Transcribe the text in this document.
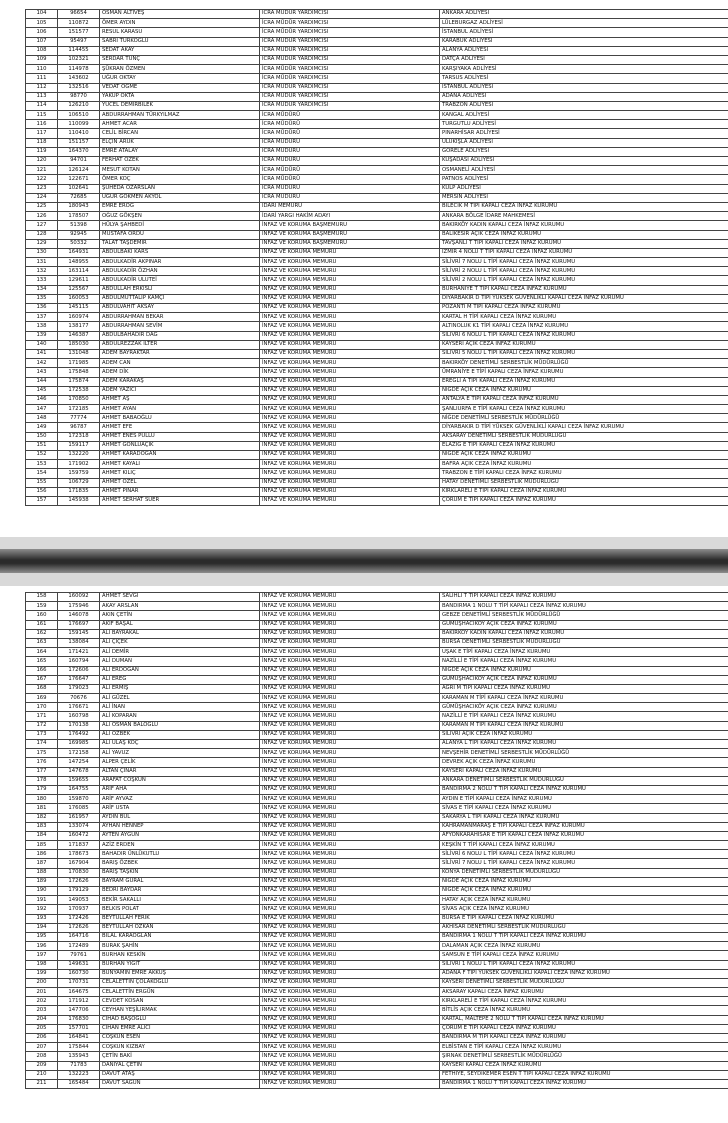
104	96654	OSMAN ALTIVEŞ	İCRA MÜDÜR YARDIMCISI	ANKARA ADLİYESİ
105	110872	ÖMER AYDIN	İCRA MÜDÜR YARDIMCISI	LÜLEBURGAZ ADLİYESİ
106	151577	RESUL KARASU	İCRA MÜDÜR YARDIMCISI	İSTANBUL ADLİYESİ
107	95497	SABRİ TÜRKOĞLU	İCRA MÜDÜR YARDIMCISI	KARABÜK ADLİYESİ
108	114455	SEDAT AKAY	İCRA MÜDÜR YARDIMCISI	ALANYA ADLİYESİ
109	102321	SERDAR TUNÇ	İCRA MÜDÜR YARDIMCISI	DATÇA ADLİYESİ
110	114978	ŞÜKRAN ÖZMEN	İCRA MÜDÜR YARDIMCISI	KARŞIYAKA ADLİYESİ
111	143602	UĞUR OKTAY	İCRA MÜDÜR YARDIMCISI	TARSUS ADLİYESİ
112	132516	VEDAT ÖĞME	İCRA MÜDÜR YARDIMCISI	İSTANBUL ADLİYESİ
113	98770	YAKUP OKTA	İCRA MÜDÜR YARDIMCISI	ADANA ADLİYESİ
114	126210	YÜCEL DEMİRBİLEK	İCRA MÜDÜR YARDIMCISI	TRABZON ADLİYESİ
115	106510	ABDURRAHMAN TÜRKYILMAZ	İCRA MÜDÜRÜ	KANGAL ADLİYESİ
116	110099	AHMET ACAR	İCRA MÜDÜRÜ	TURGUTLU ADLİYESİ
117	110410	CELİL BİRCAN	İCRA MÜDÜRÜ	PINARHİSAR ADLİYESİ
118	151157	ELÇİN ARUK	İCRA MÜDÜRÜ	ULUKIŞLA ADLİYESİ
119	164370	EMRE ATALAY	İCRA MÜDÜRÜ	GÖRELE ADLİYESİ
120	94701	FERHAT ÖZEK	İCRA MÜDÜRÜ	KUŞADASI ADLİYESİ
121	126124	MESUT KOTAN	İCRA MÜDÜRÜ	OSMANELİ ADLİYESİ
122	122671	ÖMER KOÇ	İCRA MÜDÜRÜ	PATNOS ADLİYESİ
123	102641	ŞÜHEDA ÖZARSLAN	İCRA MÜDÜRÜ	KULP ADLİYESİ
124	72685	UĞUR GÖKMEN AKYOL	İCRA MÜDÜRÜ	MERSİN ADLİYESİ
125	180943	EMRE EROĞ	İDARİ MEMURU	BİLECİK M TİPİ KAPALI CEZA İNFAZ KURUMU
126	178507	OĞUZ GÖKŞEN	İDARİ YARGI HAKİM ADAYI	ANKARA BÖLGE İDARE MAHKEMESİ
127	51398	HÜLYA ŞAHBEDİ	İNFAZ VE KORUMA BAŞMEMURU	BAKIRKÖY KADIN KAPALI CEZA İNFAZ KURUMU
128	92945	MUSTAFA ORDU	İNFAZ VE KORUMA BAŞMEMURU	BALIKESİR AÇIK CEZA İNFAZ KURUMU
129	50332	TALAT TAŞDEMİR	İNFAZ VE KORUMA BAŞMEMURU	TAVŞANLI T TİPİ KAPALI CEZA İNFAZ KURUMU
130	164931	ABDULBAKİ KARS	İNFAZ VE KORUMA MEMURU	İZMİR 4 NOLU T TİPİ KAPALI CEZA İNFAZ KURUMU
131	148955	ABDULKADİR AKPINAR	İNFAZ VE KORUMA MEMURU	SİLİVRİ 7 NOLU L TİPİ KAPALI CEZA İNFAZ KURUMU
132	163114	ABDULKADİR ÖZHAN	İNFAZ VE KORUMA MEMURU	SİLİVRİ 2 NOLU L TİPİ KAPALI CEZA İNFAZ KURUMU
133	129611	ABDULKADİR ULUTEİ	İNFAZ VE KORUMA MEMURU	SİLİVRİ 2 NOLU L TİPİ KAPALI CEZA İNFAZ KURUMU
134	125567	ABDULLAH ERKİSLİ	İNFAZ VE KORUMA MEMURU	BURHANİYE T TİPİ KAPALI CEZA İNFAZ KURUMU
135	160053	ABDULMUTTALİP KAMÇI	İNFAZ VE KORUMA MEMURU	DİYARBAKIR D TİPİ YÜKSEK GÜVENLİKLİ KAPALI CEZA İNFAZ KURUMU
136	145115	ABDULVAHİT AKSAY	İNFAZ VE KORUMA MEMURU	POZANTI M TİPİ KAPALI CEZA İNFAZ KURUMU
137	160974	ABDURRAHMAN BEKAR	İNFAZ VE KORUMA MEMURU	KARTAL H TİPİ KAPALI CEZA İNFAZ KURUMU
138	138177	ABDURRAHMAN SEVİM	İNFAZ VE KORUMA MEMURU	ALTINOLUK K1 TİPİ KAPALI CEZA İNFAZ KURUMU
139	146387	ABDÜLBAHADIR DAĞ	İNFAZ VE KORUMA MEMURU	SİLİVRİ 6 NOLU L TİPİ KAPALI CEZA İNFAZ KURUMU
140	185030	ABDÜLREZZAK İLTER	İNFAZ VE KORUMA MEMURU	KAYSERİ AÇIK CEZA İNFAZ KURUMU
141	131048	ADEM BAYRAKTAR	İNFAZ VE KORUMA MEMURU	SİLİVRİ 5 NOLU L TİPİ KAPALI CEZA İNFAZ KURUMU
142	171985	ADEM CAN	İNFAZ VE KORUMA MEMURU	BAKIRKÖY DENETİMLİ SERBESTLİK MÜDÜRLÜĞÜ
143	175848	ADEM DİK	İNFAZ VE KORUMA MEMURU	ÜMRANİYE E TİPİ KAPALI CEZA İNFAZ KURUMU
144	175874	ADEM KARAKAŞ	İNFAZ VE KORUMA MEMURU	EREĞLİ A TİPİ KAPALI CEZA İNFAZ KURUMU
145	172538	ADEM YAZICI	İNFAZ VE KORUMA MEMURU	NİĞDE AÇIK CEZA İNFAZ KURUMU
146	170850	AHMET AŞ	İNFAZ VE KORUMA MEMURU	ANTALYA E TİPİ KAPALI CEZA İNFAZ KURUMU
147	172185	AHMET AYAN	İNFAZ VE KORUMA MEMURU	ŞANLIURFA E TİPİ KAPALI CEZA İNFAZ KURUMU
148	77774	AHMET BABAOĞLU	İNFAZ VE KORUMA MEMURU	NİĞDE DENETİMLİ SERBESTLİK MÜDÜRLÜĞÜ
149	96787	AHMET EFE	İNFAZ VE KORUMA MEMURU	DİYARBAKIR D TİPİ YÜKSEK GÜVENLİKLİ KAPALI CEZA İNFAZ KURUMU
150	172318	AHMET ENES PULLU	İNFAZ VE KORUMA MEMURU	AKSARAY DENETİMLİ SERBESTLİK MÜDÜRLÜĞÜ
151	159117	AHMET GÖNLÜAÇIK	İNFAZ VE KORUMA MEMURU	ELAZIĞ E TİPİ KAPALI CEZA İNFAZ KURUMU
152	132220	AHMET KARADOĞAN	İNFAZ VE KORUMA MEMURU	NİĞDE AÇIK CEZA İNFAZ KURUMU
153	171902	AHMET KAYALI	İNFAZ VE KORUMA MEMURU	BAFRA AÇIK CEZA İNFAZ KURUMU
154	159759	AHMET KILIÇ	İNFAZ VE KORUMA MEMURU	TRABZON E TİPİ KAPALI CEZA İNFAZ KURUMU
155	106729	AHMET ÖZEL	İNFAZ VE KORUMA MEMURU	HATAY DENETİMLİ SERBESTLİK MÜDÜRLÜĞÜ
156	171835	AHMET PINAR	İNFAZ VE KORUMA MEMURU	KIRKLARELİ E TİPİ KAPALI CEZA İNFAZ KURUMU
157	145938	AHMET SERHAT SÜER	İNFAZ VE KORUMA MEMURU	ÇORUM E TİPİ KAPALI CEZA İNFAZ KURUMU
158	160092	AHMET SEVGİ	İNFAZ VE KORUMA MEMURU	SALİHLİ T TİPİ KAPALI CEZA İNFAZ KURUMU
159	175946	AKAY ARSLAN	İNFAZ VE KORUMA MEMURU	BANDIRMA 1 NOLU T TİPİ KAPALI CEZA İNFAZ KURUMU
160	146078	AKIN ÇETİN	İNFAZ VE KORUMA MEMURU	GEBZE DENETİMLİ SERBESTLİK MÜDÜRLÜĞÜ
161	176697	AKİF BAŞAL	İNFAZ VE KORUMA MEMURU	GÜMÜŞHACIKÖY AÇIK CEZA İNFAZ KURUMU
162	159145	ALİ BAYRAKAL	İNFAZ VE KORUMA MEMURU	BAKIRKÖY KADIN KAPALI CEZA İNFAZ KURUMU
163	138084	ALİ ÇİÇEK	İNFAZ VE KORUMA MEMURU	BURSA DENETİMLİ SERBESTLİK MÜDÜRLÜĞÜ
164	171421	ALİ DEMİR	İNFAZ VE KORUMA MEMURU	UŞAK E TİPİ KAPALI CEZA İNFAZ KURUMU
165	160794	ALİ DUMAN	İNFAZ VE KORUMA MEMURU	NAZİLLİ E TİPİ KAPALI CEZA İNFAZ KURUMU
166	172606	ALİ ERDOĞAN	İNFAZ VE KORUMA MEMURU	NİĞDE AÇIK CEZA İNFAZ KURUMU
167	176647	ALİ EREĞ	İNFAZ VE KORUMA MEMURU	GÜMÜŞHACIKÖY AÇIK CEZA İNFAZ KURUMU
168	179023	ALİ ERMİŞ	İNFAZ VE KORUMA MEMURU	AĞRI M TİPİ KAPALI CEZA İNFAZ KURUMU
169	70676	ALİ GÜZEL	İNFAZ VE KORUMA MEMURU	KARAMAN M TİPİ KAPALI CEZA İNFAZ KURUMU
170	176671	ALİ İNAN	İNFAZ VE KORUMA MEMURU	GÜMÜŞHACIKÖY AÇIK CEZA İNFAZ KURUMU
171	160798	ALİ KOPARAN	İNFAZ VE KORUMA MEMURU	NAZİLLİ E TİPİ KAPALI CEZA İNFAZ KURUMU
172	170138	ALİ OSMAN BALOĞLU	İNFAZ VE KORUMA MEMURU	KARAMAN M TİPİ KAPALI CEZA İNFAZ KURUMU
173	176492	ALİ ÖZBEK	İNFAZ VE KORUMA MEMURU	SİLİVRİ AÇIK CEZA İNFAZ KURUMU
174	169985	ALİ ULAŞ KOÇ	İNFAZ VE KORUMA MEMURU	ALANYA L TİPİ KAPALI CEZA İNFAZ KURUMU
175	172158	ALİ YAVUZ	İNFAZ VE KORUMA MEMURU	NEVŞEHİR DENETİMLİ SERBESTLİK MÜDÜRLÜĞÜ
176	147254	ALPER ÇELİK	İNFAZ VE KORUMA MEMURU	DEVREK AÇIK CEZA İNFAZ KURUMU
177	147678	ALTAN ÇINAR	İNFAZ VE KORUMA MEMURU	KAYSERİ KAPALI CEZA İNFAZ KURUMU
178	159655	ARAFAT COŞKUN	İNFAZ VE KORUMA MEMURU	ANKARA DENETİMLİ SERBESTLİK MÜDÜRLÜĞÜ
179	164755	ARİF AHA	İNFAZ VE KORUMA MEMURU	BANDIRMA 2 NOLU T TİPİ KAPALI CEZA İNFAZ KURUMU
180	159870	ARİF AYVAZ	İNFAZ VE KORUMA MEMURU	AYDIN E TİPİ KAPALI CEZA İNFAZ KURUMU
181	176085	ARİF USTA	İNFAZ VE KORUMA MEMURU	SİVAS E TİPİ KAPALI CEZA İNFAZ KURUMU
182	161957	AYDIN BUL	İNFAZ VE KORUMA MEMURU	SAKARYA L TİPİ KAPALI CEZA İNFAZ KURUMU
183	133074	AYHAN HENNEP	İNFAZ VE KORUMA MEMURU	KAHRAMANMARAŞ E TİPİ KAPALI CEZA İNFAZ KURUMU
184	160472	AYTEN AYGÜN	İNFAZ VE KORUMA MEMURU	AFYONKARAHİSAR E TİPİ KAPALI CEZA İNFAZ KURUMU
185	171837	AZİZ ERDEN	İNFAZ VE KORUMA MEMURU	KEŞKİN T TİPİ KAPALI CEZA İNFAZ KURUMU
186	178673	BAHADIR ÜNLÜKUTLU	İNFAZ VE KORUMA MEMURU	SİLİVRİ 6 NOLU L TİPİ KAPALI CEZA İNFAZ KURUMU
187	167904	BARIŞ ÖZBEK	İNFAZ VE KORUMA MEMURU	SİLİVRİ 7 NOLU L TİPİ KAPALI CEZA İNFAZ KURUMU
188	170830	BARIŞ TAŞKIN	İNFAZ VE KORUMA MEMURU	KONYA DENETİMLİ SERBESTLİK MÜDÜRLÜĞÜ
189	172626	BAYRAM GÜRAL	İNFAZ VE KORUMA MEMURU	NİĞDE AÇIK CEZA İNFAZ KURUMU
190	179129	BEDRİ BAYDAR	İNFAZ VE KORUMA MEMURU	NİĞDE AÇIK CEZA İNFAZ KURUMU
191	149053	BEKİR SAKALLI	İNFAZ VE KORUMA MEMURU	HATAY AÇIK CEZA İNFAZ KURUMU
192	170937	BELKIS POLAT	İNFAZ VE KORUMA MEMURU	SİVAS AÇIK CEZA İNFAZ KURUMU
193	172426	BEYTULLAH FERİK	İNFAZ VE KORUMA MEMURU	BURSA E TİPİ KAPALI CEZA İNFAZ KURUMU
194	172626	BEYTULLAH ÖZKAN	İNFAZ VE KORUMA MEMURU	AKHİSAR DENETİMLİ SERBESTLİK MÜDÜRLÜĞÜ
195	164716	BİLAL KARAOĞLAN	İNFAZ VE KORUMA MEMURU	BANDIRMA 1 NOLU T TİPİ KAPALI CEZA İNFAZ KURUMU
196	172489	BURAK ŞAHİN	İNFAZ VE KORUMA MEMURU	DALAMAN AÇIK CEZA İNFAZ KURUMU
197	79761	BURHAN KESKİN	İNFAZ VE KORUMA MEMURU	SAMSUN E TİPİ KAPALI CEZA İNFAZ KURUMU
198	149631	BURHAN YİĞİT	İNFAZ VE KORUMA MEMURU	SİLİVRİ 1 NOLU L TİPİ KAPALI CEZA İNFAZ KURUMU
199	160730	BÜNYAMİN EMRE AKKUŞ	İNFAZ VE KORUMA MEMURU	ADANA F TİPİ YÜKSEK GÜVENLİKLİ KAPALI CEZA İNFAZ KURUMU
200	170731	CELALETTİN ÇOLAKOĞLU	İNFAZ VE KORUMA MEMURU	KAYSERİ DENETİMLİ SERBESTLİK MÜDÜRLÜĞÜ
201	164675	CELALETTİN ERGÜN	İNFAZ VE KORUMA MEMURU	AKSARAY KAPALI CEZA İNFAZ KURUMU
202	171912	CEVDET KOSAN	İNFAZ VE KORUMA MEMURU	KIRKLARELİ E TİPİ KAPALI CEZA İNFAZ KURUMU
203	147706	CEYHAN YEŞİLIRMAK	İNFAZ VE KORUMA MEMURU	BİTLİS AÇIK CEZA İNFAZ KURUMU
204	176830	CİHAD BAŞOĞLU	İNFAZ VE KORUMA MEMURU	KARTAL, MALTEPE 2 NOLU T TİPİ KAPALI CEZA İNFAZ KURUMU
205	157701	CİHAN EMRE ALICI	İNFAZ VE KORUMA MEMURU	ÇORUM E TİPİ KAPALI CEZA İNFAZ KURUMU
206	164841	COŞKUN ESEN	İNFAZ VE KORUMA MEMURU	BANDIRMA M TİPİ KAPALI CEZA İNFAZ KURUMU
207	175844	COŞKUN KIZBAY	İNFAZ VE KORUMA MEMURU	ELBİSTAN E TİPİ KAPALI CEZA İNFAZ KURUMU
208	135943	ÇETİN BAKİ	İNFAZ VE KORUMA MEMURU	ŞIRNAK DENETİMLİ SERBESTLİK MÜDÜRLÜĞÜ
209	71783	DANİYAL ÇETİN	İNFAZ VE KORUMA MEMURU	KAYSERİ KAPALI CEZA İNFAZ KURUMU
210	132223	DAVUT ATAŞ	İNFAZ VE KORUMA MEMURU	FETHİYE, SEYDİKEMER ESEN T TİPİ KAPALI CEZA İNFAZ KURUMU
211	165484	DAVUT SAĞUN	İNFAZ VE KORUMA MEMURU	BANDIRMA 1 NOLU T TİPİ KAPALI CEZA İNFAZ KURUMU
